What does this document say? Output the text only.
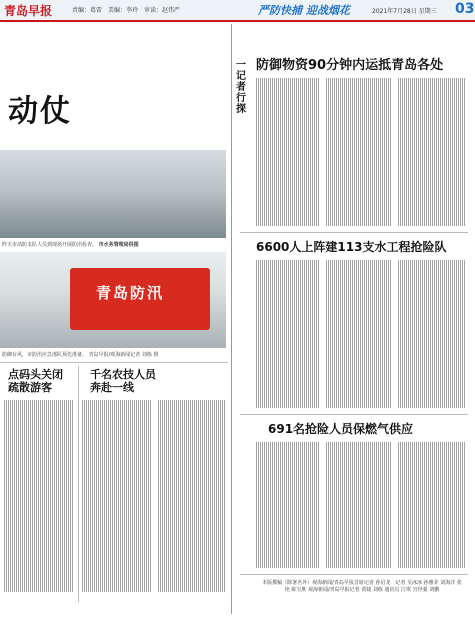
青岛早报	责编：葛雷　美编：李玲　审读：赵伟严	严防快捕 迎战烟花	2021年7月28日 星期三 03
动仗
昨天市消防支队人员到现场开展防汛检查。 市水务管理局供图
青岛防汛
防御台风，市防汛应急部队预先准备。 青岛早报/观海新闻记者 刘栋 摄
点码头关闭
疏散游客
千名农技人员
奔赴一线
一记者行探
防御物资90分钟内运抵青岛各处
6600人上阵建113支水工程抢险队
691名抢险人员保燃气供应
本版撰稿（除署名外）观海新闻/青岛早报首席记者 孙启龙　记者 吴冰冰 孙雅菲 刘海洋 张艳 陈宝胜 观海新闻/青岛早报记者 贾婕 刘栋 通讯员 江琪 宫世强 刘鹏
